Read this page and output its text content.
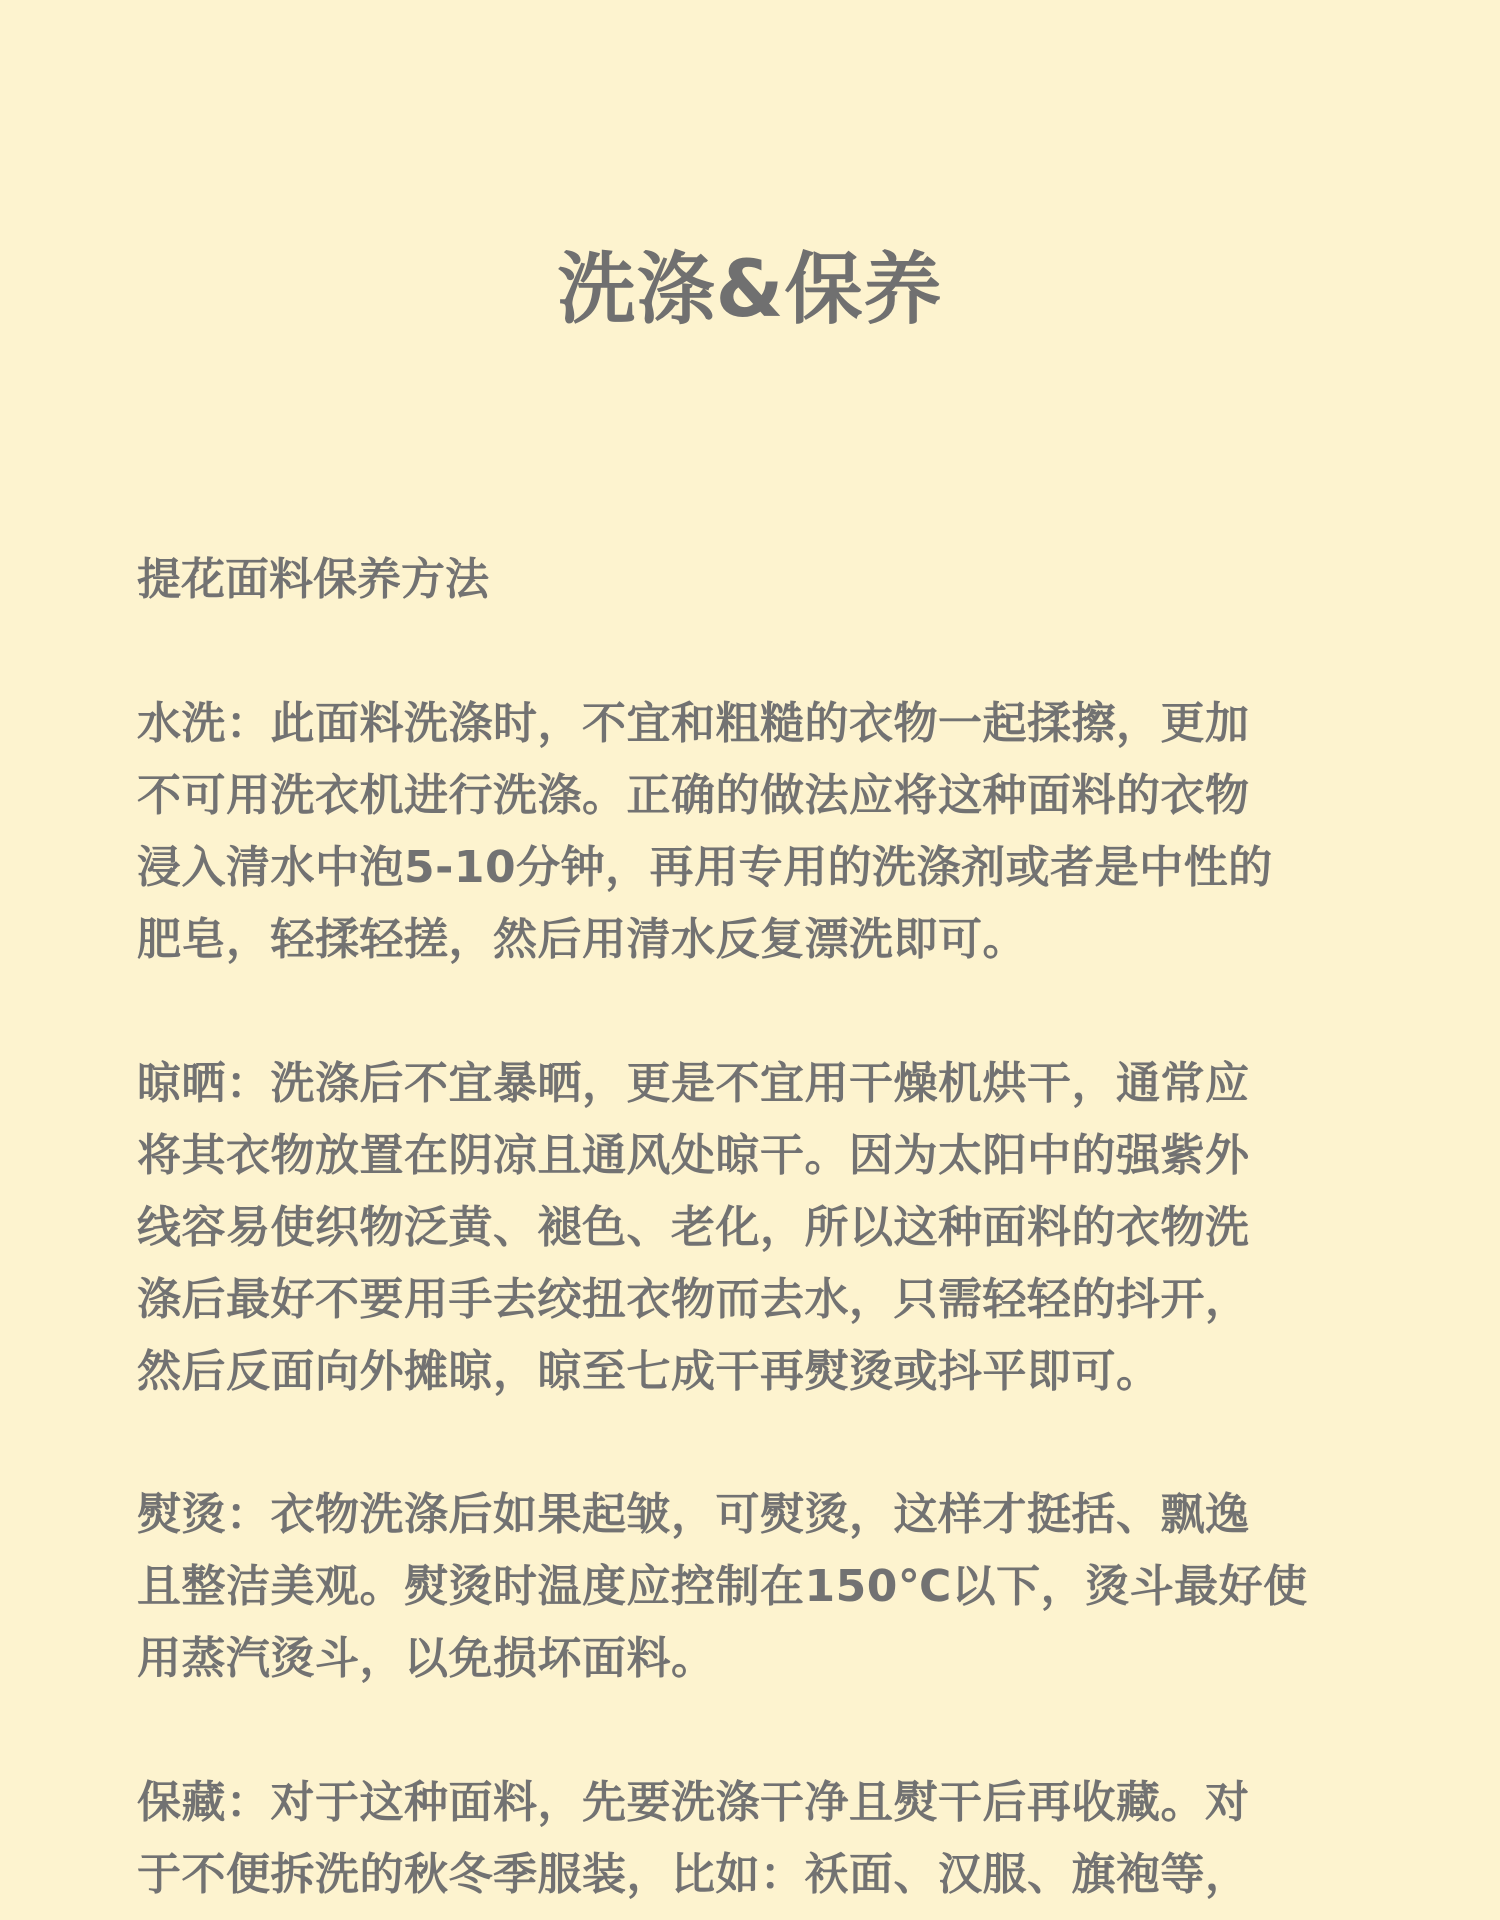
洗涤&保养
提花面料保养方法

水洗：此面料洗涤时，不宜和粗糙的衣物一起揉擦，更加
不可用洗衣机进行洗涤。正确的做法应将这种面料的衣物
浸入清水中泡5-10分钟，再用专用的洗涤剂或者是中性的
肥皂，轻揉轻搓，然后用清水反复漂洗即可。

晾晒：洗涤后不宜暴晒，更是不宜用干燥机烘干，通常应
将其衣物放置在阴凉且通风处晾干。因为太阳中的强紫外
线容易使织物泛黄、褪色、老化，所以这种面料的衣物洗
涤后最好不要用手去绞扭衣物而去水，只需轻轻的抖开，
然后反面向外摊晾，晾至七成干再熨烫或抖平即可。

熨烫：衣物洗涤后如果起皱，可熨烫，这样才挺括、飘逸
且整洁美观。熨烫时温度应控制在150℃以下，烫斗最好使
用蒸汽烫斗，以免损坏面料。

保藏：对于这种面料，先要洗涤干净且熨干后再收藏。对
于不便拆洗的秋冬季服装，比如：袄面、汉服、旗袍等，
